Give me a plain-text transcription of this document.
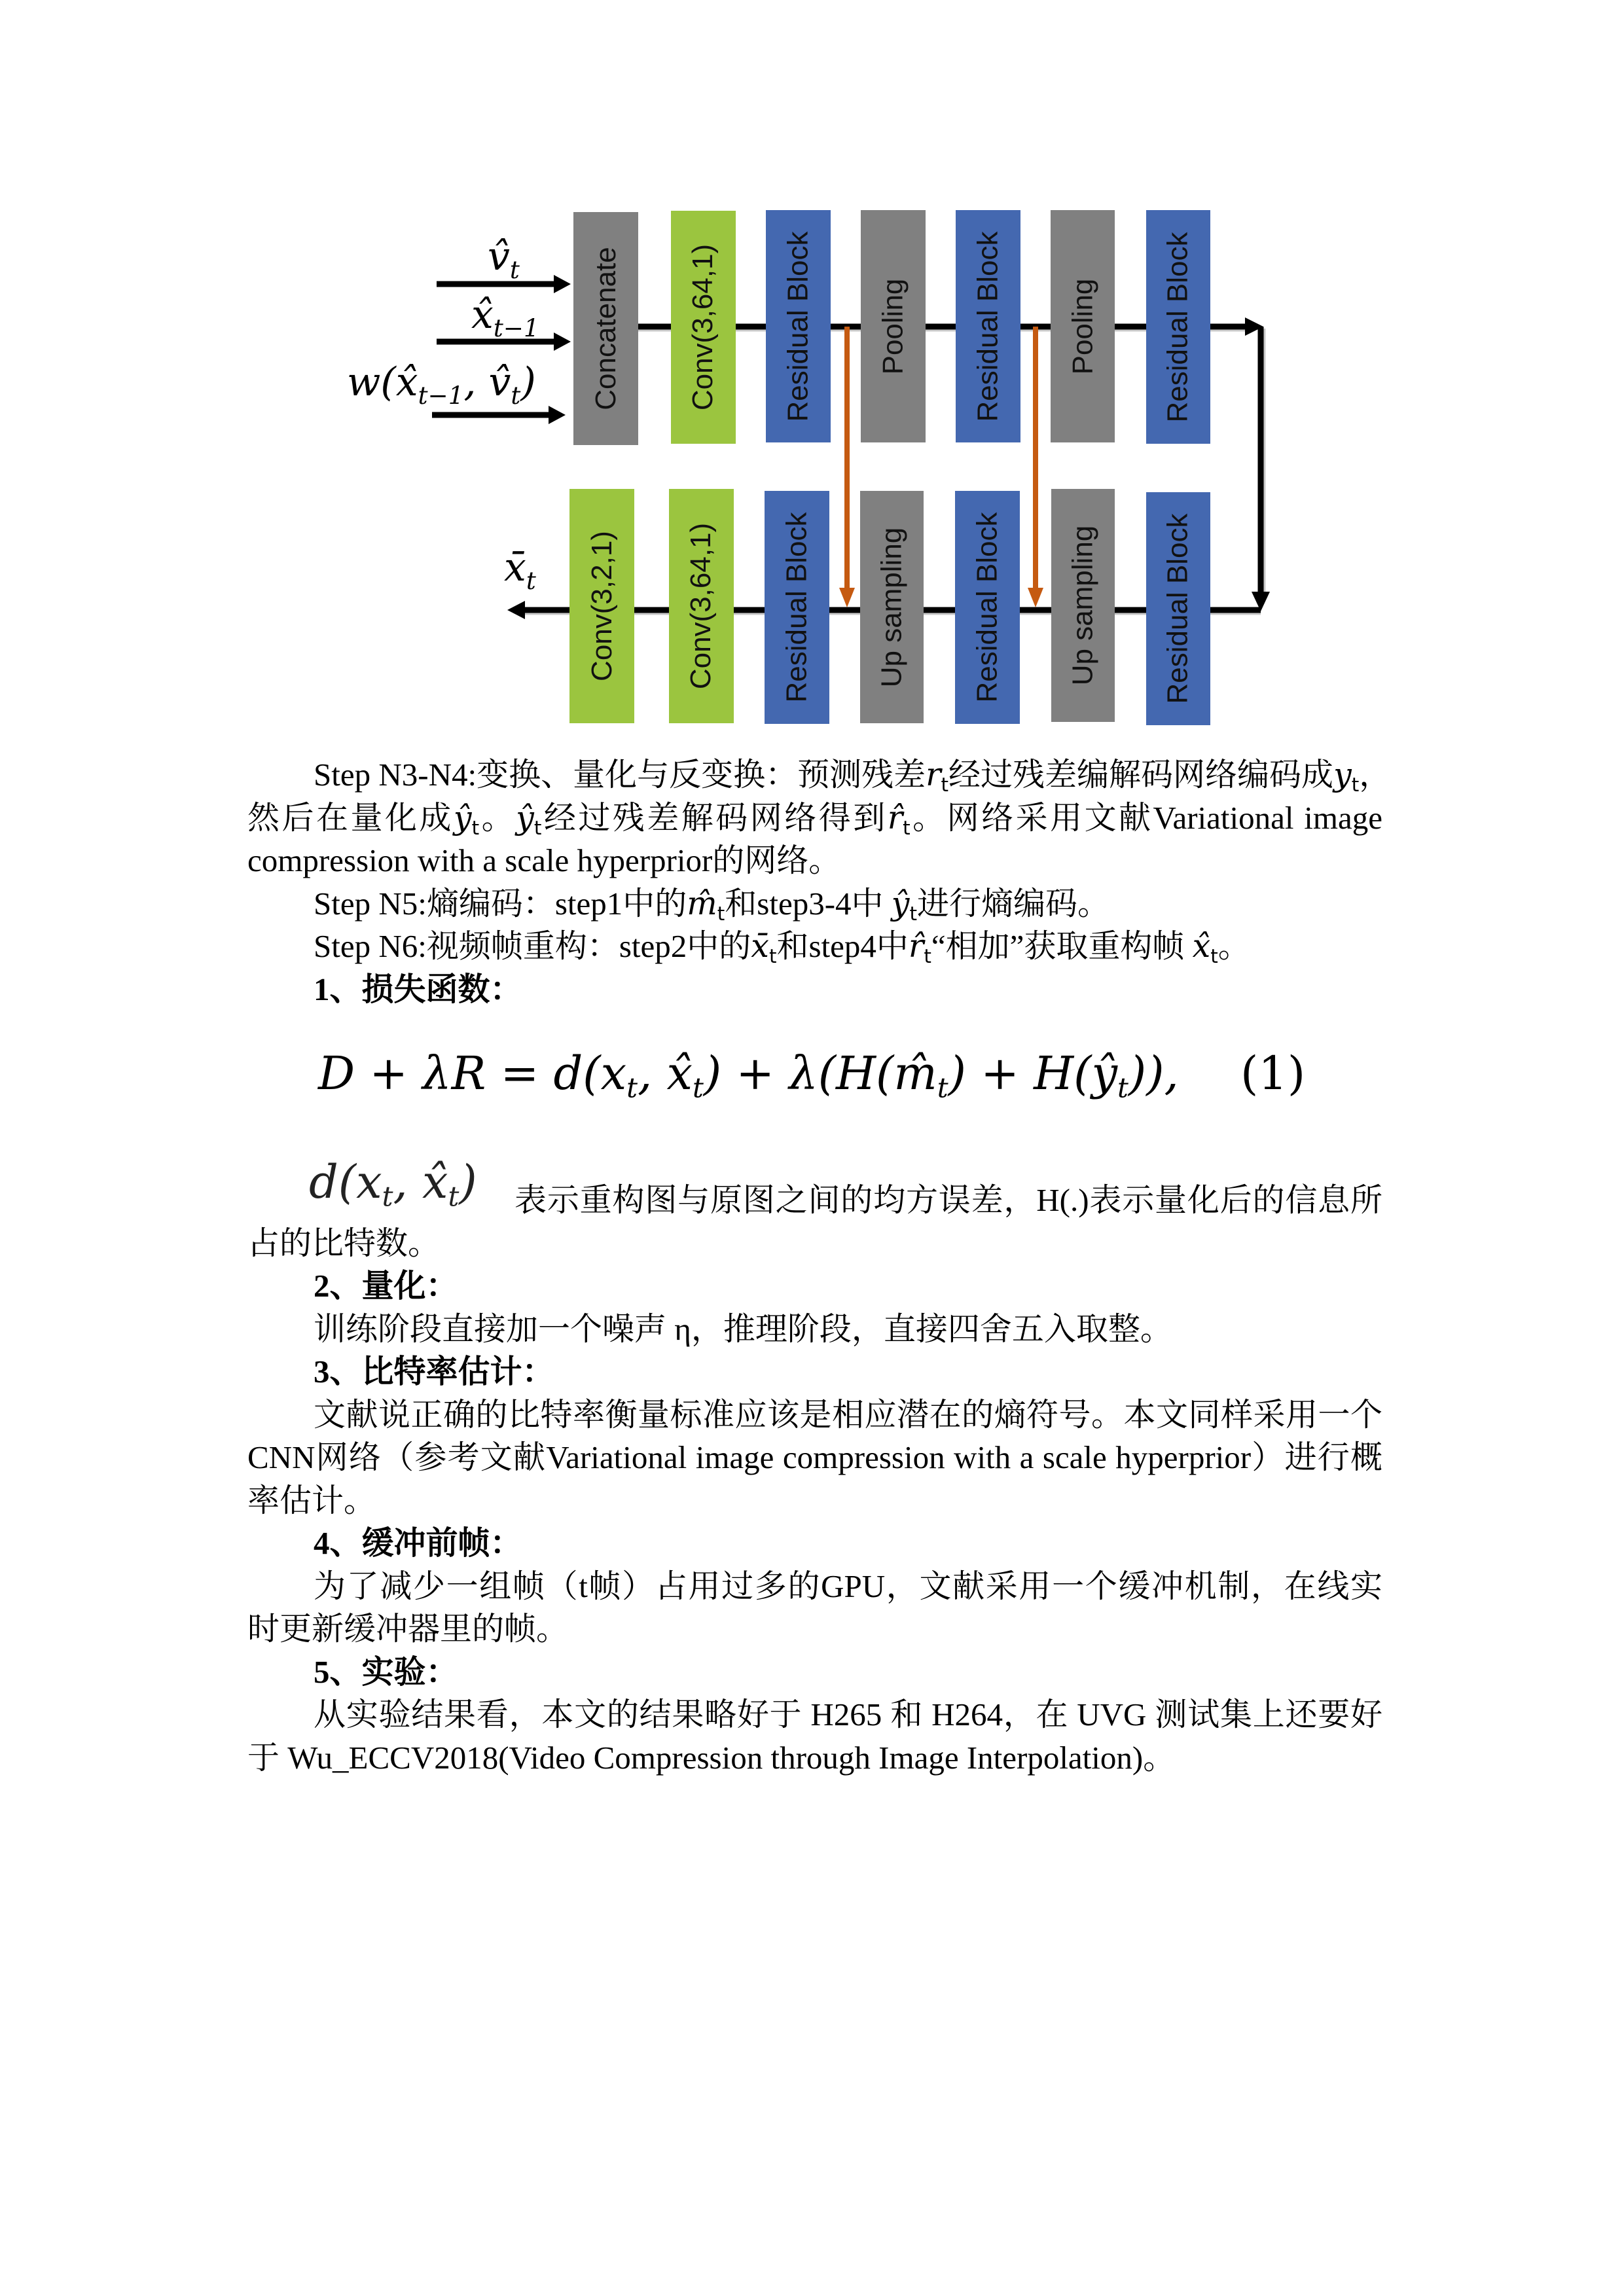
$v̂_t$
$x̂_{t-1}$
$w(x̂_{t-1}$, $v̂_t$)
$x̄_t$
Concatenate Conv(3,64,1) Residual Block Pooling Residual Block Pooling Residual Block
Conv(3,2,1) Conv(3,64,1) Residual Block Up sampling Residual Block Up sampling Residual Block
Step N3-N4:变换、量化与反变换：预测残差$r_t$经过残差编解码网络编码成$y_t$，
然后在量化成$ŷ_t$。$ŷ_t$经过残差解码网络得到$r̂_t$。网络采用文献Variational image
compression with a scale hyperprior的网络。
Step N5:熵编码：step1中的$m̂_t$和step3-4中 $ŷ_t$进行熵编码。
Step N6:视频帧重构：step2中的$x̄_t$和step4中$r̂_t“$相加”获取重构帧 $x̂_t$。
1、损失函数：
$D + \lambda R = d(x_t$, $x̂_t$) + $\lambda(H(m̂_t)$ + $H(ŷ_t)$), (1)
$d(x_t$, $x̂_t$) 表示重构图与原图之间的均方误差，H(.)表示量化后的信息所
占的比特数。
2、量化：
训练阶段直接加一个噪声 η，推理阶段，直接四舍五入取整。
3、比特率估计：
文献说正确的比特率衡量标准应该是相应潜在的熵符号。本文同样采用一个
CNN网络（参考文献Variational image compression with a scale hyperprior）进行概
率估计。
4、缓冲前帧：
为了减少一组帧（t帧）占用过多的GPU，文献采用一个缓冲机制，在线实
时更新缓冲器里的帧。
5、实验：
从实验结果看，本文的结果略好于 H265 和 H264，在 UVG 测试集上还要好
于 Wu_ECCV2018(Video Compression through Image Interpolation)。
